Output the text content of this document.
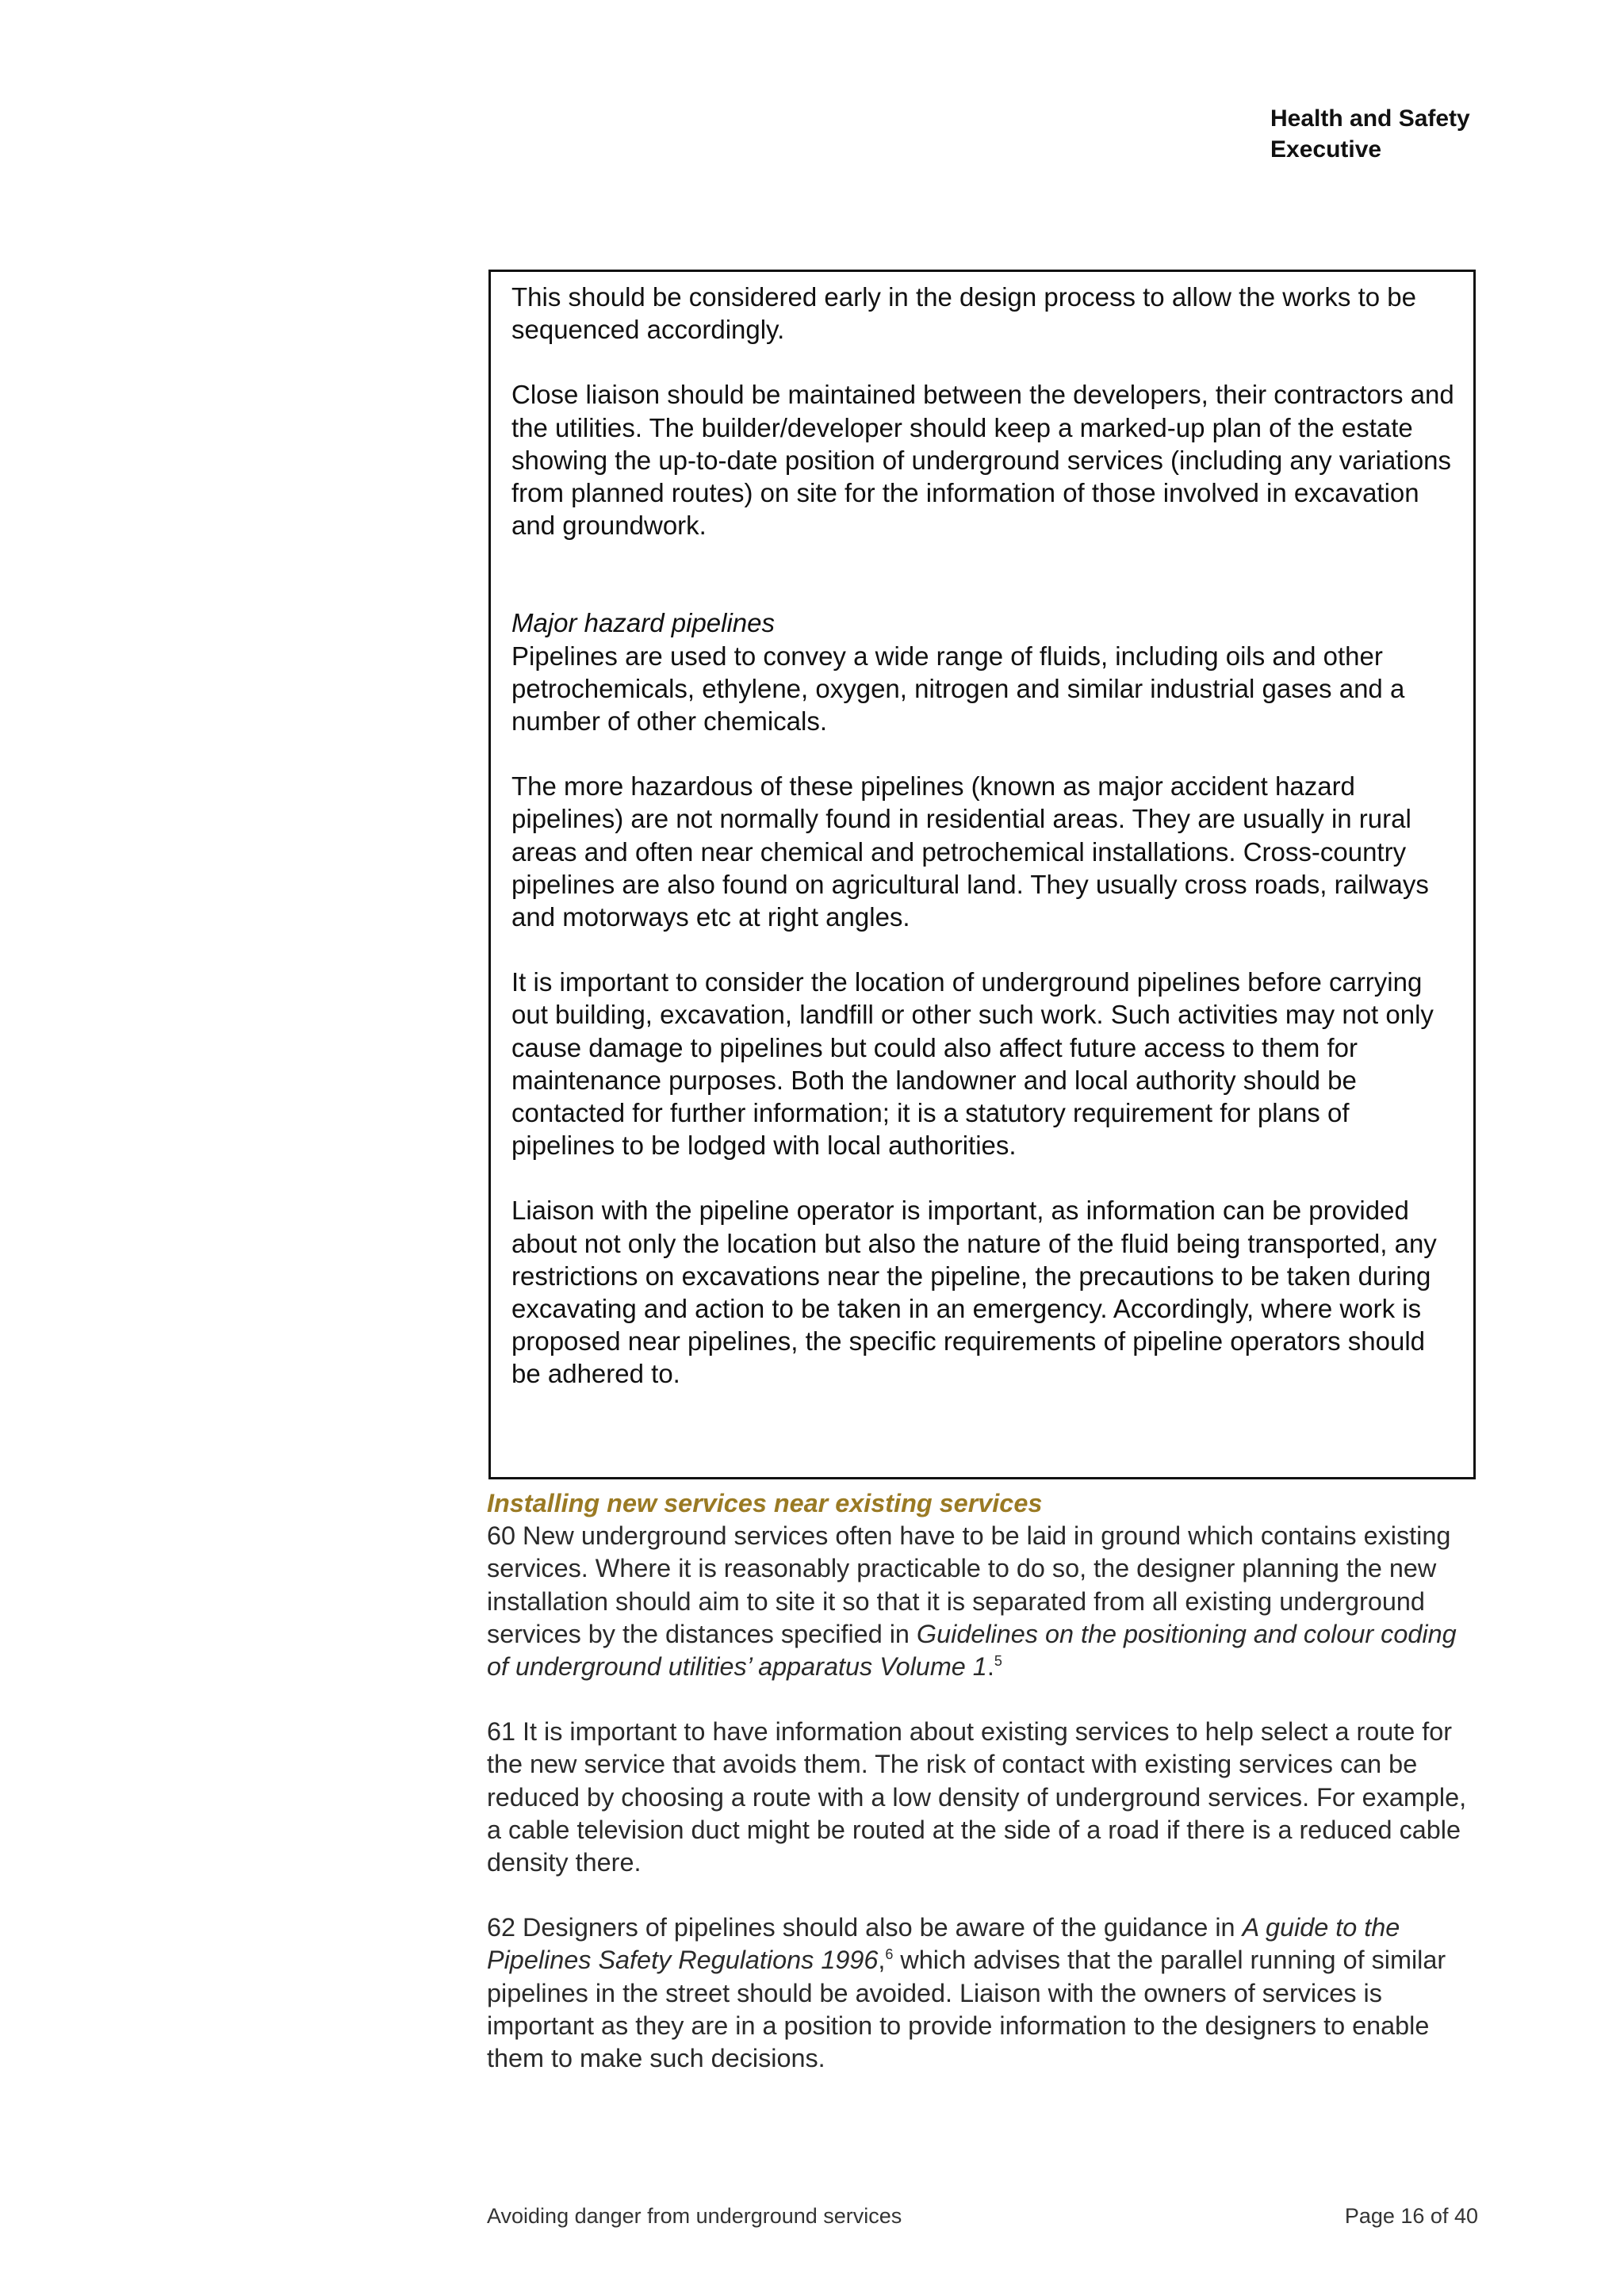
Health and Safety
Executive

This should be considered early in the design process to allow the works to be sequenced accordingly.

Close liaison should be maintained between the developers, their contractors and the utilities. The builder/developer should keep a marked-up plan of the estate showing the up-to-date position of underground services (including any variations from planned routes) on site for the information of those involved in excavation and groundwork.

Major hazard pipelines

Pipelines are used to convey a wide range of fluids, including oils and other petrochemicals, ethylene, oxygen, nitrogen and similar industrial gases and a number of other chemicals.

The more hazardous of these pipelines (known as major accident hazard pipelines) are not normally found in residential areas. They are usually in rural areas and often near chemical and petrochemical installations. Cross-country pipelines are also found on agricultural land. They usually cross roads, railways and motorways etc at right angles.

It is important to consider the location of underground pipelines before carrying out building, excavation, landfill or other such work. Such activities may not only cause damage to pipelines but could also affect future access to them for maintenance purposes. Both the landowner and local authority should be contacted for further information; it is a statutory requirement for plans of pipelines to be lodged with local authorities.

Liaison with the pipeline operator is important, as information can be provided about not only the location but also the nature of the fluid being transported, any restrictions on excavations near the pipeline, the precautions to be taken during excavating and action to be taken in an emergency. Accordingly, where work is proposed near pipelines, the specific requirements of pipeline operators should be adhered to.

Installing new services near existing services

60 New underground services often have to be laid in ground which contains existing services. Where it is reasonably practicable to do so, the designer planning the new installation should aim to site it so that it is separated from all existing underground services by the distances specified in Guidelines on the positioning and colour coding of underground utilities’ apparatus Volume 1.$^5$

61 It is important to have information about existing services to help select a route for the new service that avoids them. The risk of contact with existing services can be reduced by choosing a route with a low density of underground services. For example, a cable television duct might be routed at the side of a road if there is a reduced cable density there.

62 Designers of pipelines should also be aware of the guidance in A guide to the Pipelines Safety Regulations 1996,$^6$ which advises that the parallel running of similar pipelines in the street should be avoided. Liaison with the owners of services is important as they are in a position to provide information to the designers to enable them to make such decisions.

Avoiding danger from underground services	Page 16 of 40
